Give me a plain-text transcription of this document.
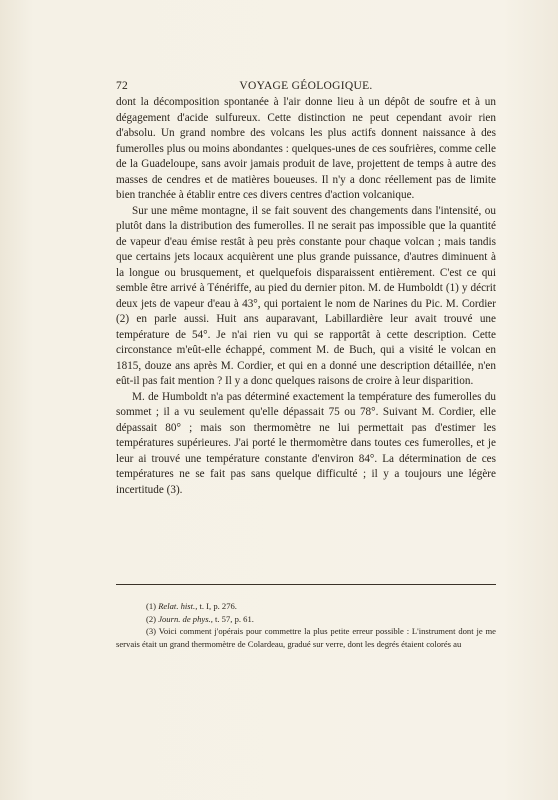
72	VOYAGE GÉOLOGIQUE.

dont la décomposition spontanée à l'air donne lieu à un dépôt de soufre et à un dégagement d'acide sulfureux. Cette distinction ne peut cependant avoir rien d'absolu. Un grand nombre des volcans les plus actifs donnent naissance à des fumerolles plus ou moins abondantes : quelques-unes de ces soufrières, comme celle de la Guadeloupe, sans avoir jamais produit de lave, projettent de temps à autre des masses de cendres et de matières boueuses. Il n'y a donc réellement pas de limite bien tranchée à établir entre ces divers centres d'action volcanique.

Sur une même montagne, il se fait souvent des changements dans l'intensité, ou plutôt dans la distribution des fumerolles. Il ne serait pas impossible que la quantité de vapeur d'eau émise restât à peu près constante pour chaque volcan ; mais tandis que certains jets locaux acquièrent une plus grande puissance, d'autres diminuent à la longue ou brusquement, et quelquefois disparaissent entièrement. C'est ce qui semble être arrivé à Ténériffe, au pied du dernier piton. M. de Humboldt (1) y décrit deux jets de vapeur d'eau à 43°, qui portaient le nom de Narines du Pic. M. Cordier (2) en parle aussi. Huit ans auparavant, Labillardière leur avait trouvé une température de 54°. Je n'ai rien vu qui se rapportât à cette description. Cette circonstance m'eût-elle échappé, comment M. de Buch, qui a visité le volcan en 1815, douze ans après M. Cordier, et qui en a donné une description détaillée, n'en eût-il pas fait mention ? Il y a donc quelques raisons de croire à leur disparition.

M. de Humboldt n'a pas déterminé exactement la température des fumerolles du sommet ; il a vu seulement qu'elle dépassait 75 ou 78°. Suivant M. Cordier, elle dépassait 80° ; mais son thermomètre ne lui permettait pas d'estimer les températures supérieures. J'ai porté le thermomètre dans toutes ces fumerolles, et je leur ai trouvé une température constante d'environ 84°. La détermination de ces températures ne se fait pas sans quelque difficulté ; il y a toujours une légère incertitude (3).

(1) Relat. hist., t. I, p. 276.
(2) Journ. de phys., t. 57, p. 61.
(3) Voici comment j'opérais pour commettre la plus petite erreur possible : L'instrument dont je me servais était un grand thermomètre de Colardeau, gradué sur verre, dont les degrés étaient colorés au
